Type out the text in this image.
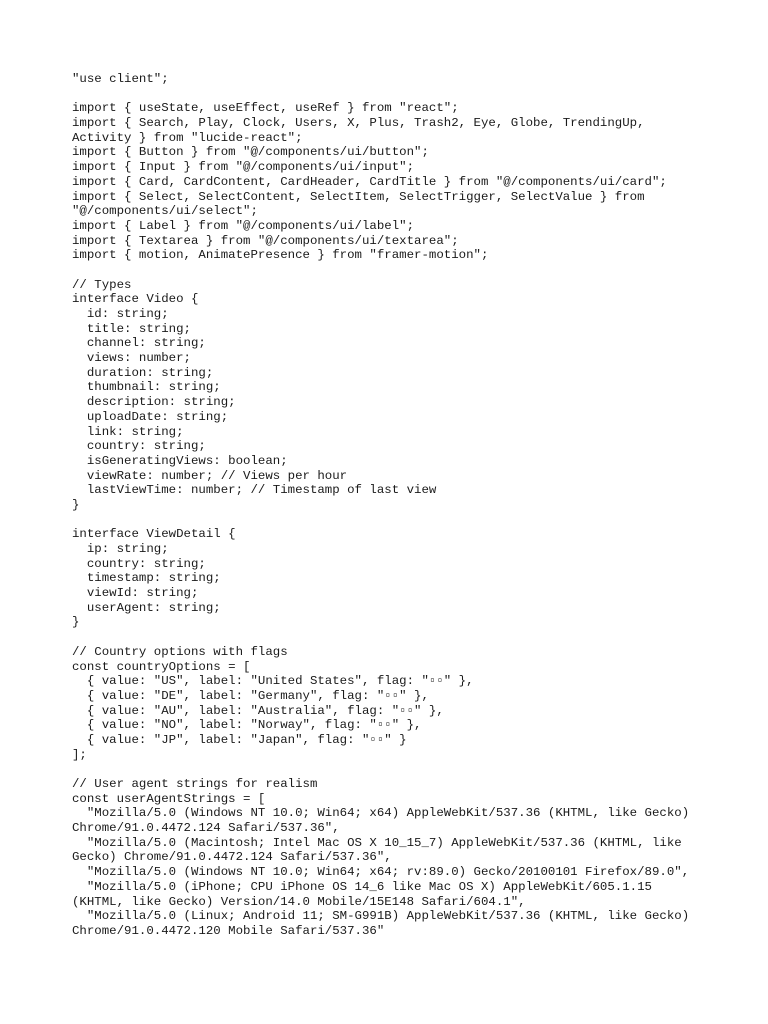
"use client";
import { useState, useEffect, useRef } from "react";
import { Search, Play, Clock, Users, X, Plus, Trash2, Eye, Globe, TrendingUp,
Activity } from "lucide-react";
import { Button } from "@/components/ui/button";
import { Input } from "@/components/ui/input";
import { Card, CardContent, CardHeader, CardTitle } from "@/components/ui/card";
import { Select, SelectContent, SelectItem, SelectTrigger, SelectValue } from
"@/components/ui/select";
import { Label } from "@/components/ui/label";
import { Textarea } from "@/components/ui/textarea";
import { motion, AnimatePresence } from "framer-motion";
// Types
interface Video {
id: string;
title: string;
channel: string;
views: number;
duration: string;
thumbnail: string;
description: string;
uploadDate: string;
link: string;
country: string;
isGeneratingViews: boolean;
viewRate: number; // Views per hour
lastViewTime: number; // Timestamp of last view
}
interface ViewDetail {
ip: string;
country: string;
timestamp: string;
viewId: string;
userAgent: string;
}
// Country options with flags
const countryOptions = [
{ value: "US", label: "United States", flag: "▫▫" },
{ value: "DE", label: "Germany", flag: "▫▫" },
{ value: "AU", label: "Australia", flag: "▫▫" },
{ value: "NO", label: "Norway", flag: "▫▫" },
{ value: "JP", label: "Japan", flag: "▫▫" }
];
// User agent strings for realism
const userAgentStrings = [
"Mozilla/5.0 (Windows NT 10.0; Win64; x64) AppleWebKit/537.36 (KHTML, like Gecko)
Chrome/91.0.4472.124 Safari/537.36",
"Mozilla/5.0 (Macintosh; Intel Mac OS X 10_15_7) AppleWebKit/537.36 (KHTML, like
Gecko) Chrome/91.0.4472.124 Safari/537.36",
"Mozilla/5.0 (Windows NT 10.0; Win64; x64; rv:89.0) Gecko/20100101 Firefox/89.0",
"Mozilla/5.0 (iPhone; CPU iPhone OS 14_6 like Mac OS X) AppleWebKit/605.1.15
(KHTML, like Gecko) Version/14.0 Mobile/15E148 Safari/604.1",
"Mozilla/5.0 (Linux; Android 11; SM-G991B) AppleWebKit/537.36 (KHTML, like Gecko)
Chrome/91.0.4472.120 Mobile Safari/537.36"
